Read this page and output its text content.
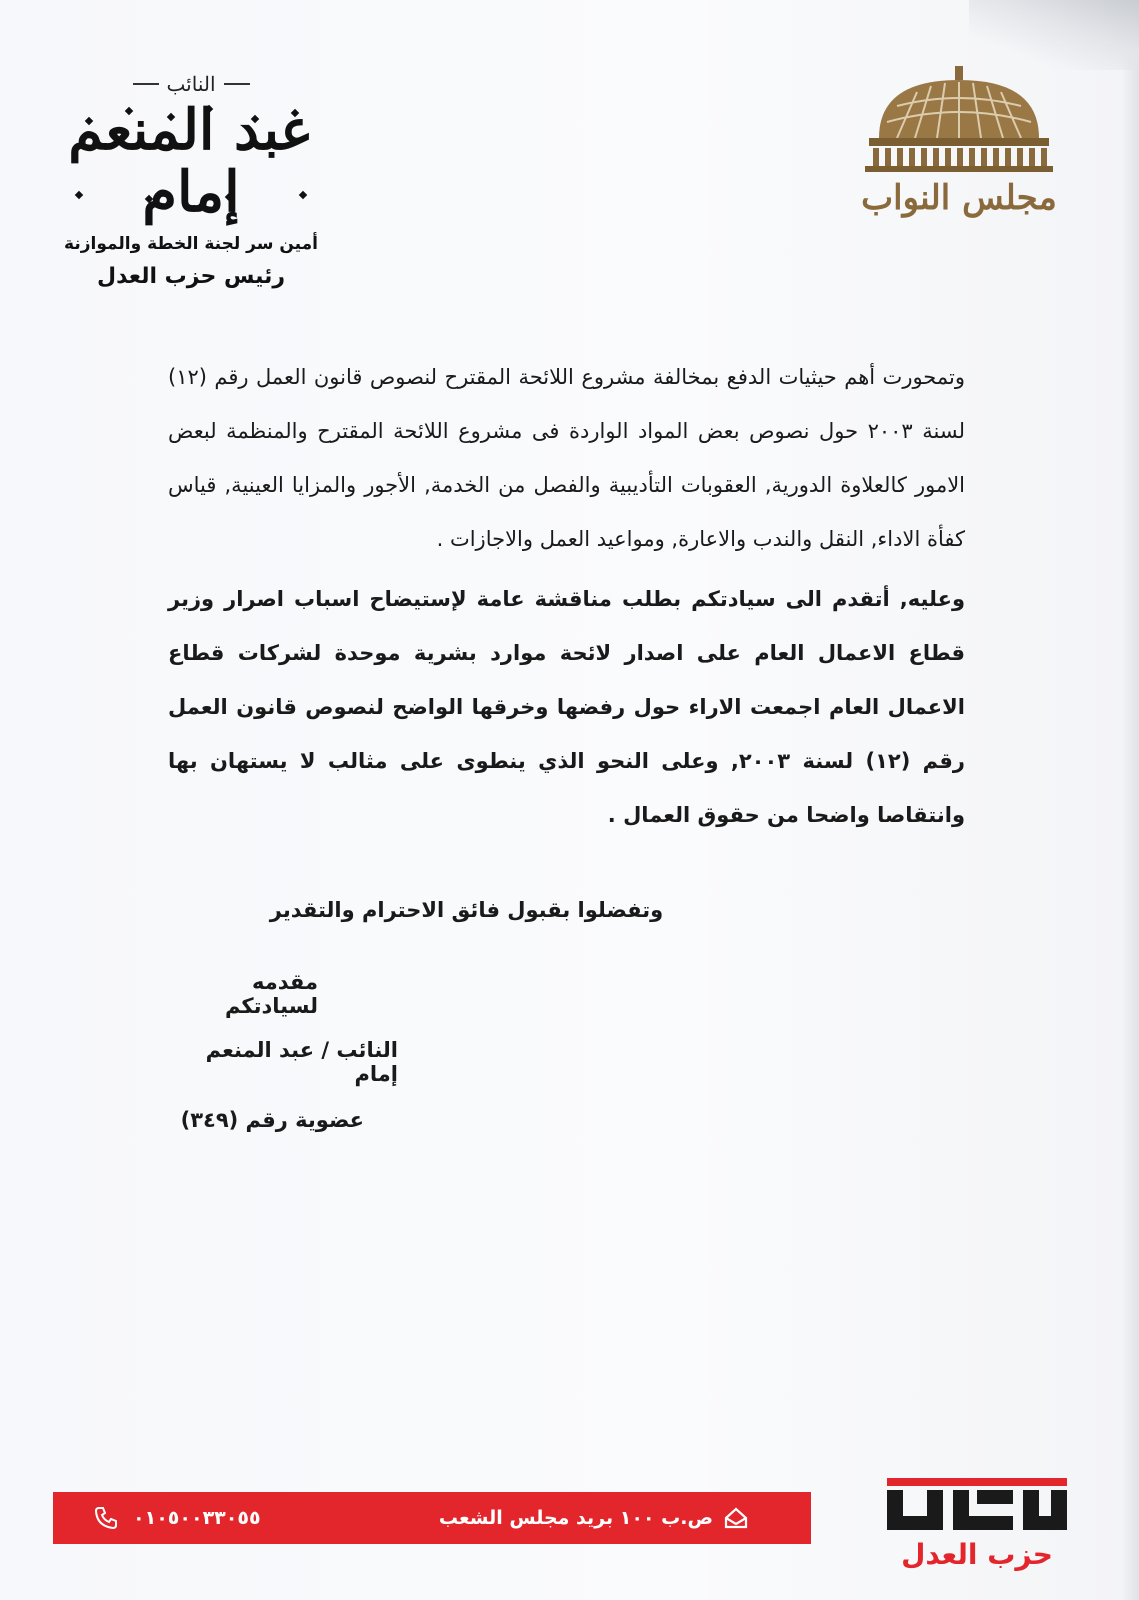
مجلس النواب
النائب
عبد المنعم إمام
أمين سر لجنة الخطة والموازنة
رئيس حزب العدل

وتمحورت أهم حيثيات الدفع بمخالفة مشروع اللائحة المقترح لنصوص قانون العمل رقم (١٢) لسنة ٢٠٠٣ حول نصوص بعض المواد الواردة فى مشروع اللائحة المقترح والمنظمة لبعض الامور كالعلاوة الدورية, العقوبات التأديبية والفصل من الخدمة, الأجور والمزايا العينية, قياس كفأة الاداء, النقل والندب والاعارة, ومواعيد العمل والاجازات .

وعليه, أتقدم الى سيادتكم بطلب مناقشة عامة لإستيضاح اسباب اصرار وزير قطاع الاعمال العام على اصدار لائحة موارد بشرية موحدة لشركات قطاع الاعمال العام اجمعت الاراء حول رفضها وخرقها الواضح لنصوص قانون العمل رقم (١٢) لسنة ٢٠٠٣, وعلى النحو الذي ينطوى على مثالب لا يستهان بها وانتقاصا واضحا من حقوق العمال .

وتفضلوا بقبول فائق الاحترام والتقدير
مقدمه لسيادتكم
النائب / عبد المنعم إمام
عضوية رقم (٣٤٩)
ص.ب ١٠٠ بريد مجلس الشعب
٠١٠٥٠٠٣٣٠٥٥
حزب العدل
